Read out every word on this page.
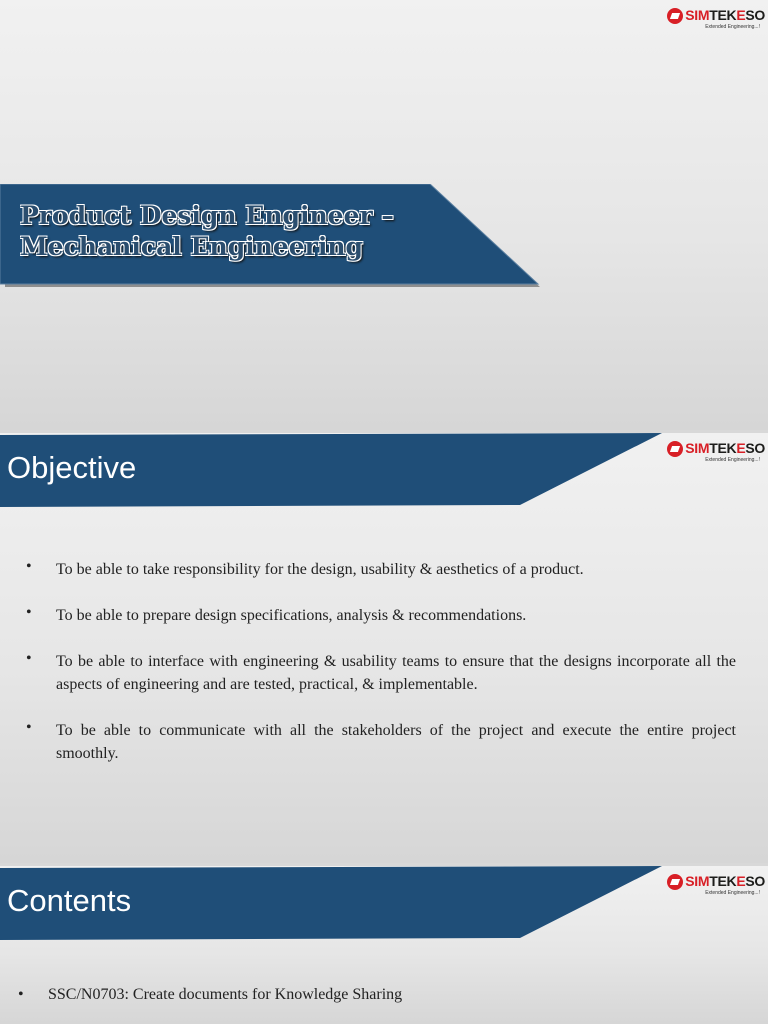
SIMTEKESO
Extended Engineering...!
Product Design Engineer –
Mechanical Engineering
Objective
SIMTEKESO
Extended Engineering...!
•	To be able to take responsibility for the design, usability & aesthetics of a product.
•	To be able to prepare design specifications, analysis & recommendations.
•	To be able to interface with engineering & usability teams to ensure that the designs incorporate all the aspects of engineering and are tested, practical, & implementable.
•	To be able to communicate with all the stakeholders of the project and execute the entire project smoothly.
Contents
SIMTEKESO
Extended Engineering...!
•	SSC/N0703: Create documents for Knowledge Sharing
